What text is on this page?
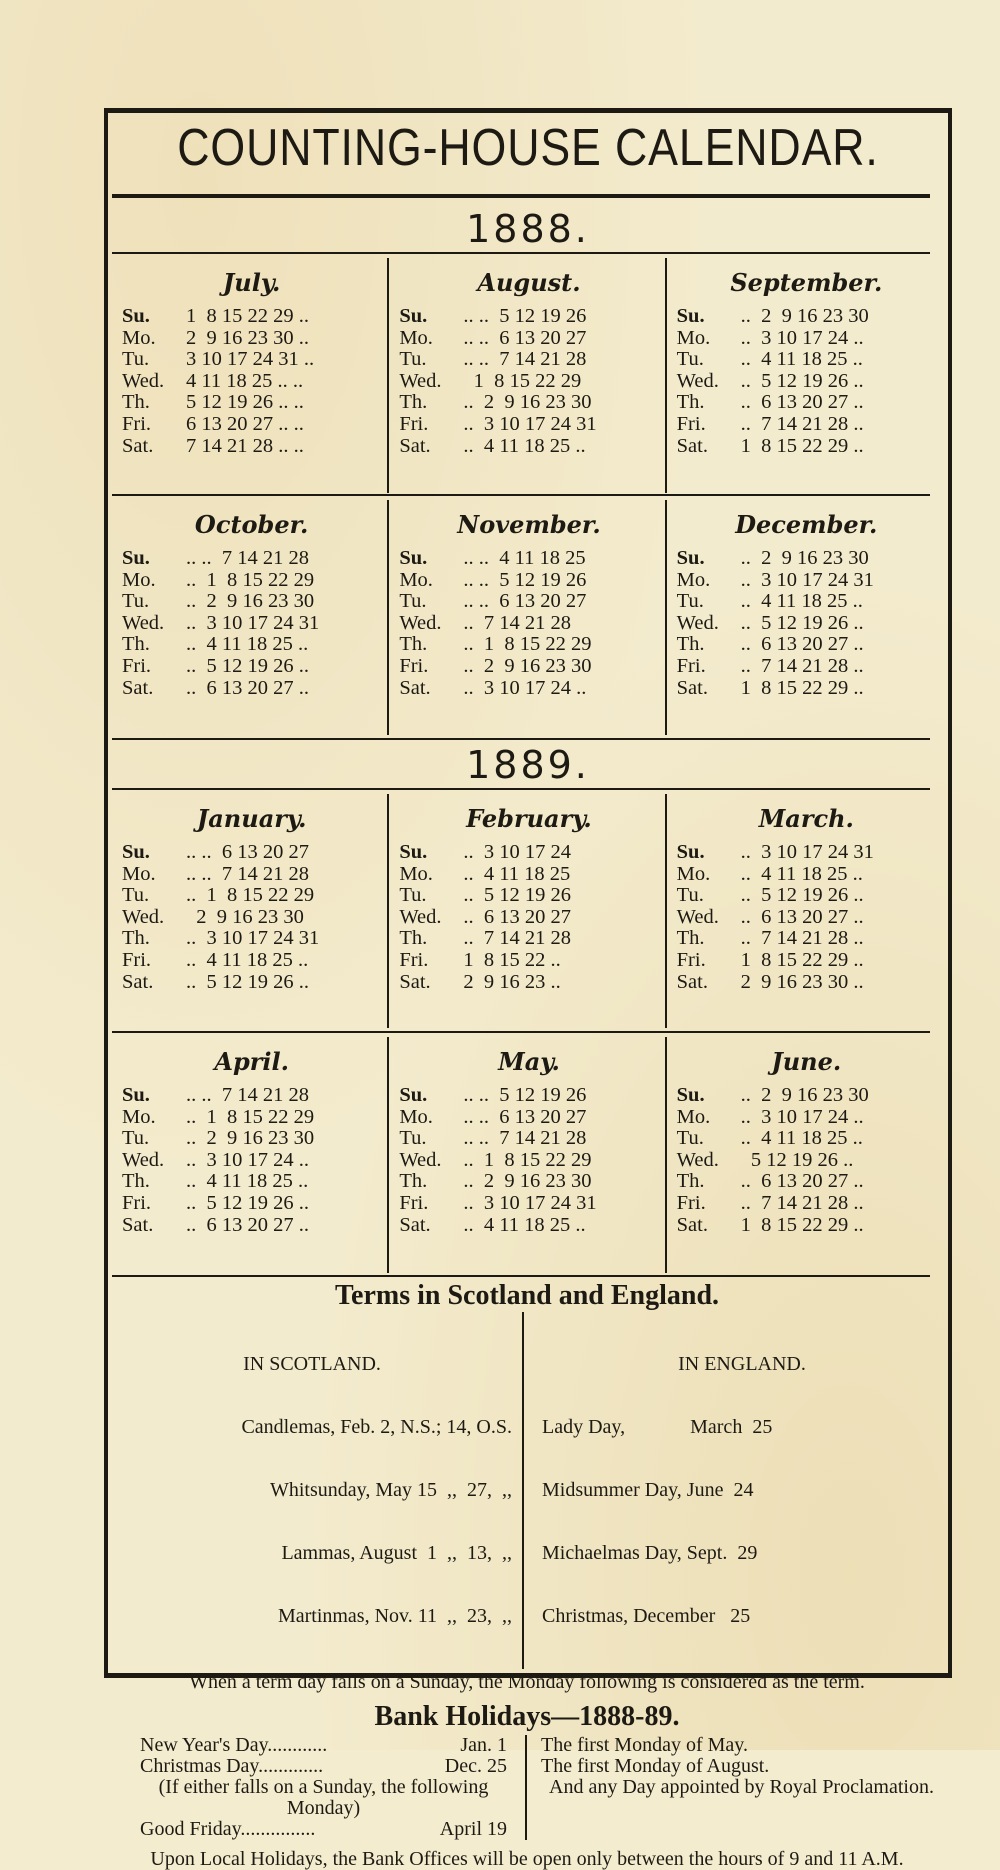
COUNTING-HOUSE CALENDAR.
1888.
July.
Su.	1  8 15 22 29 ..
Mo.	2  9 16 23 30 ..
Tu.	3 10 17 24 31 ..
Wed.	4 11 18 25 .. ..
Th.	5 12 19 26 .. ..
Fri.	6 13 20 27 .. ..
Sat.	7 14 21 28 .. ..
August.
Su.	.. ..  5 12 19 26
Mo.	.. ..  6 13 20 27
Tu.	.. ..  7 14 21 28
Wed.	1  8 15 22 29
Th.	..  2  9 16 23 30
Fri.	..  3 10 17 24 31
Sat.	..  4 11 18 25 ..
September.
Su.	..  2  9 16 23 30
Mo.	..  3 10 17 24 ..
Tu.	..  4 11 18 25 ..
Wed.	..  5 12 19 26 ..
Th.	..  6 13 20 27 ..
Fri.	..  7 14 21 28 ..
Sat.	1  8 15 22 29 ..
October.
Su.	.. ..  7 14 21 28
Mo.	..  1  8 15 22 29
Tu.	..  2  9 16 23 30
Wed.	..  3 10 17 24 31
Th.	..  4 11 18 25 ..
Fri.	..  5 12 19 26 ..
Sat.	..  6 13 20 27 ..
November.
Su.	.. ..  4 11 18 25
Mo.	.. ..  5 12 19 26
Tu.	.. ..  6 13 20 27
Wed.	..  7 14 21 28
Th.	..  1  8 15 22 29
Fri.	..  2  9 16 23 30
Sat.	..  3 10 17 24 ..
December.
Su.	..  2  9 16 23 30
Mo.	..  3 10 17 24 31
Tu.	..  4 11 18 25 ..
Wed.	..  5 12 19 26 ..
Th.	..  6 13 20 27 ..
Fri.	..  7 14 21 28 ..
Sat.	1  8 15 22 29 ..
1889.
January.
Su.	.. ..  6 13 20 27
Mo.	.. ..  7 14 21 28
Tu.	..  1  8 15 22 29
Wed.	2  9 16 23 30
Th.	..  3 10 17 24 31
Fri.	..  4 11 18 25 ..
Sat.	..  5 12 19 26 ..
February.
Su.	..  3 10 17 24
Mo.	..  4 11 18 25
Tu.	..  5 12 19 26
Wed.	..  6 13 20 27
Th.	..  7 14 21 28
Fri.	1  8 15 22 ..
Sat.	2  9 16 23 ..
March.
Su.	..  3 10 17 24 31
Mo.	..  4 11 18 25 ..
Tu.	..  5 12 19 26 ..
Wed.	..  6 13 20 27 ..
Th.	..  7 14 21 28 ..
Fri.	1  8 15 22 29 ..
Sat.	2  9 16 23 30 ..
April.
Su.	.. ..  7 14 21 28
Mo.	..  1  8 15 22 29
Tu.	..  2  9 16 23 30
Wed.	..  3 10 17 24 ..
Th.	..  4 11 18 25 ..
Fri.	..  5 12 19 26 ..
Sat.	..  6 13 20 27 ..
May.
Su.	.. ..  5 12 19 26
Mo.	.. ..  6 13 20 27
Tu.	.. ..  7 14 21 28
Wed.	..  1  8 15 22 29
Th.	..  2  9 16 23 30
Fri.	..  3 10 17 24 31
Sat.	..  4 11 18 25 ..
June.
Su.	..  2  9 16 23 30
Mo.	..  3 10 17 24 ..
Tu.	..  4 11 18 25 ..
Wed.	5 12 19 26 ..
Th.	..  6 13 20 27 ..
Fri.	..  7 14 21 28 ..
Sat.	1  8 15 22 29 ..
Terms in Scotland and England.

IN SCOTLAND.

Candlemas, Feb. 2, N.S.; 14, O.S.

Whitsunday, May 15  ,,  27,  ,,

Lammas, August  1  ,,  13,  ,,

Martinmas, Nov. 11  ,,  23,  ,,

IN ENGLAND.

Lady Day,             March  25

Midsummer Day, June  24

Michaelmas Day, Sept.  29

Christmas, December   25

When a term day falls on a Sunday, the Monday following is considered as the term.
Bank Holidays—1888-89.
New Year's Day............	Jan. 1
Christmas Day.............	Dec. 25
(If either falls on a Sunday, the following Monday)
Good Friday...............	April 19
The first Monday of May.
The first Monday of August.
And any Day appointed by Royal Proclamation.
Upon Local Holidays, the Bank Offices will be open only between the hours of 9 and 11 A.M.
